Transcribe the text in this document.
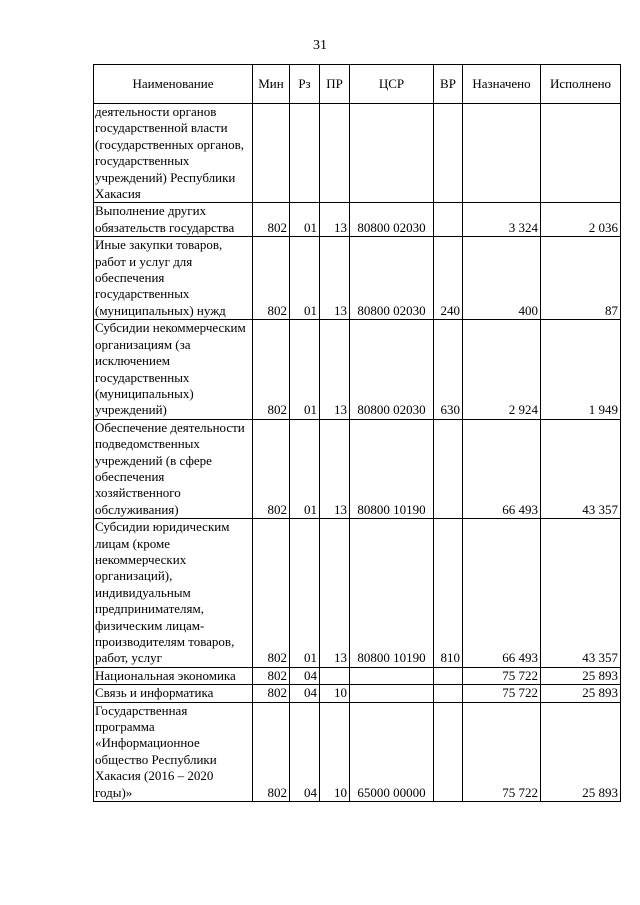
31
Наименование	Мин	Рз	ПР	ЦСР	ВР	Назначено	Исполнено
деятельности органов государственной власти (государственных органов, государственных учреждений) Республики Хакасия							
Выполнение других обязательств государства	802	01	13	80800 02030		3 324	2 036
Иные закупки товаров, работ и услуг для обеспечения государственных (муниципальных) нужд	802	01	13	80800 02030	240	400	87
Субсидии некоммерческим организациям (за исключением государственных (муниципальных) учреждений)	802	01	13	80800 02030	630	2 924	1 949
Обеспечение деятельности подведомственных учреждений (в сфере обеспечения хозяйственного обслуживания)	802	01	13	80800 10190		66 493	43 357
Субсидии юридическим лицам (кроме некоммерческих организаций), индивидуальным предпринимателям, физическим лицам-производителям товаров, работ, услуг	802	01	13	80800 10190	810	66 493	43 357
Национальная экономика	802	04				75 722	25 893
Связь и информатика	802	04	10			75 722	25 893
Государственная программа «Информационное общество Республики Хакасия (2016 – 2020 годы)»	802	04	10	65000 00000		75 722	25 893
